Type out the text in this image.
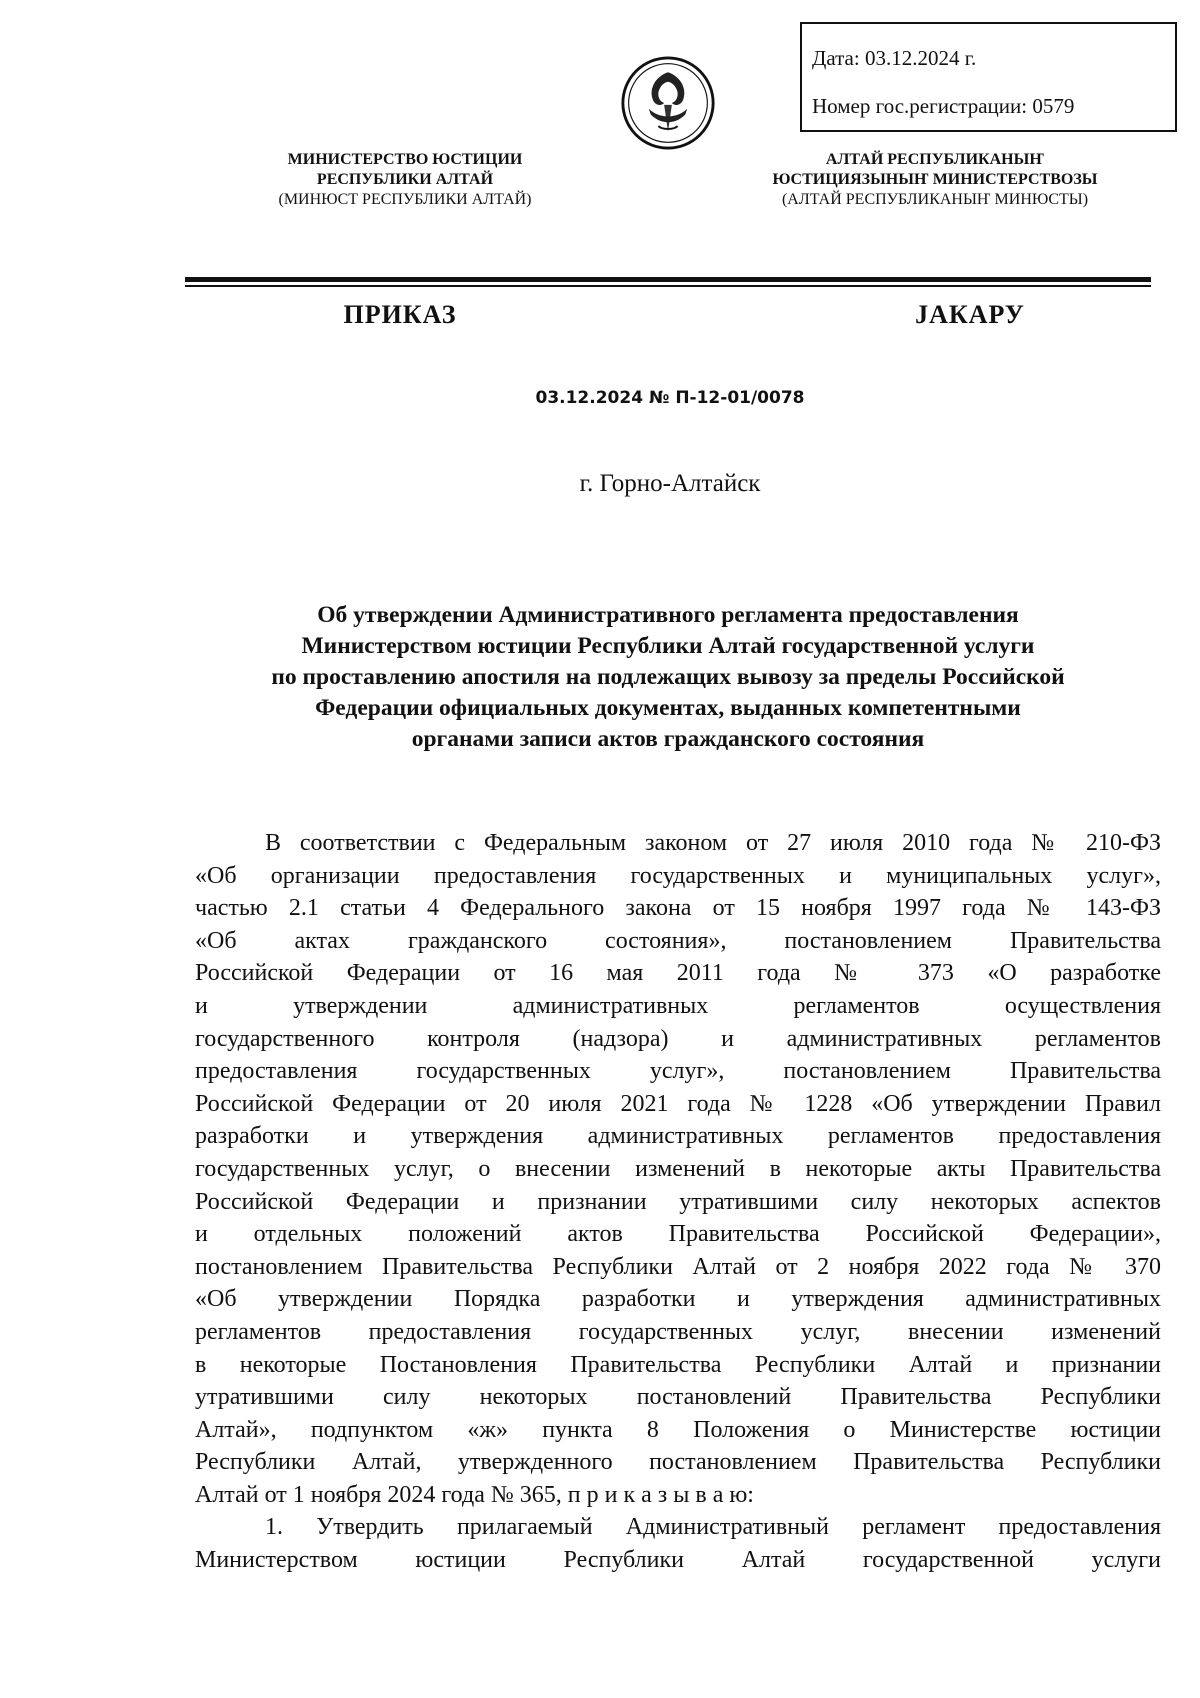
Дата: 03.12.2024 г.
Номер гос.регистрации: 0579
МИНИСТЕРСТВО ЮСТИЦИИ
РЕСПУБЛИКИ АЛТАЙ
(МИНЮСТ РЕСПУБЛИКИ АЛТАЙ)
АЛТАЙ РЕСПУБЛИКАНЫҤ
ЮСТИЦИЯЗЫНЫҤ МИНИСТЕРСТВОЗЫ
(АЛТАЙ РЕСПУБЛИКАНЫҤ МИНЮСТЫ)
ПРИКАЗ	JАКАРУ
03.12.2024 № П-12-01/0078
г. Горно-Алтайск
Об утверждении Административного регламента предоставления
Министерством юстиции Республики Алтай государственной услуги
по проставлению апостиля на подлежащих вывозу за пределы Российской
Федерации официальных документах, выданных компетентными
органами записи актов гражданского состояния
В соответствии с Федеральным законом от 27 июля 2010 года № 210-ФЗ
«Об организации предоставления государственных и муниципальных услуг»,
частью 2.1 статьи 4 Федерального закона от 15 ноября 1997 года № 143-ФЗ
«Об актах гражданского состояния», постановлением Правительства
Российской Федерации от 16 мая 2011 года № 373 «О разработке
и утверждении административных регламентов осуществления
государственного контроля (надзора) и административных регламентов
предоставления государственных услуг», постановлением Правительства
Российской Федерации от 20 июля 2021 года № 1228 «Об утверждении Правил
разработки и утверждения административных регламентов предоставления
государственных услуг, о внесении изменений в некоторые акты Правительства
Российской Федерации и признании утратившими силу некоторых аспектов
и отдельных положений актов Правительства Российской Федерации»,
постановлением Правительства Республики Алтай от 2 ноября 2022 года № 370
«Об утверждении Порядка разработки и утверждения административных
регламентов предоставления государственных услуг, внесении изменений
в некоторые Постановления Правительства Республики Алтай и признании
утратившими силу некоторых постановлений Правительства Республики
Алтай», подпунктом «ж» пункта 8 Положения о Министерстве юстиции
Республики Алтай, утвержденного постановлением Правительства Республики
Алтай от 1 ноября 2024 года № 365, п р и к а з ы в а ю:
1. Утвердить прилагаемый Административный регламент предоставления
Министерством юстиции Республики Алтай государственной услуги
